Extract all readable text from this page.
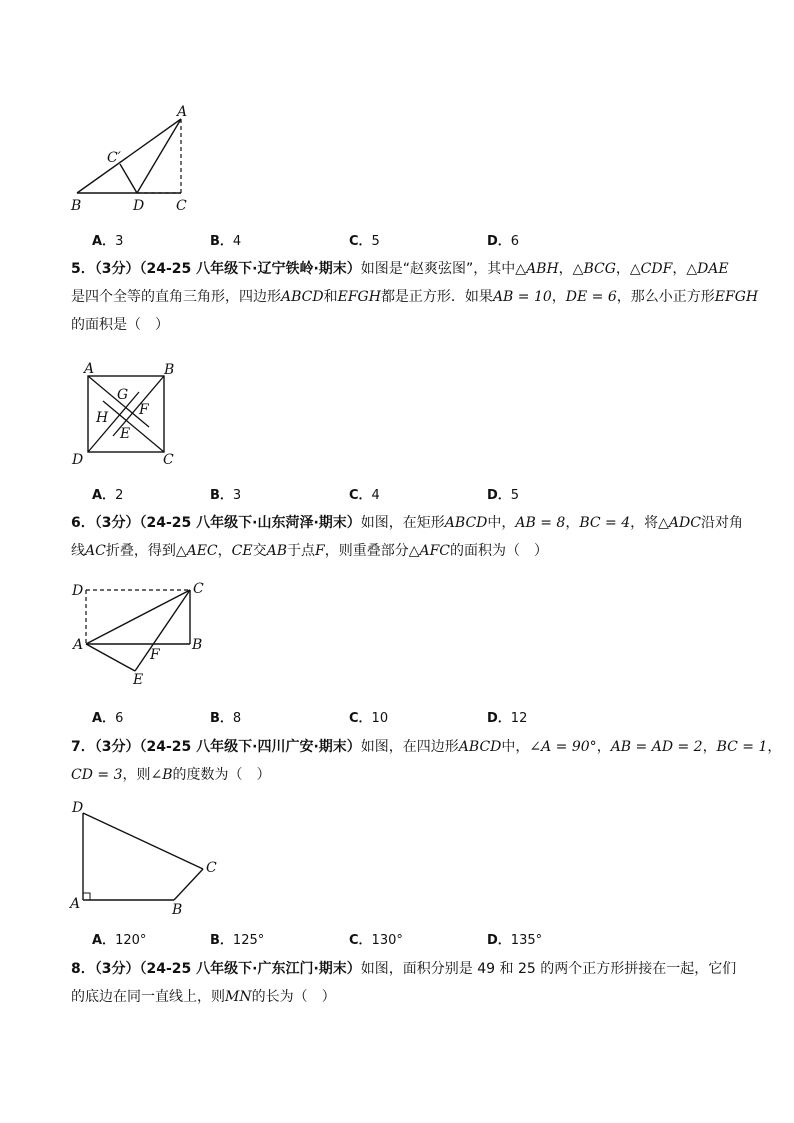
A
C′
B	D C
A．3	B．4	C．5	D．6
5．（3分）（24-25 八年级下·辽宁铁岭·期末）如图是“赵爽弦图”，其中△ABH，△BCG，△CDF，△DAE
是四个全等的直角三角形，四边形ABCD和EFGH都是正方形．如果AB = 10，DE = 6，那么小正方形EFGH
的面积是（　）
A	B
C
D
E
F
G
H
A．2	B．3	C．4	D．5
6．（3分）（24-25 八年级下·山东菏泽·期末）如图，在矩形ABCD中，AB = 8，BC = 4，将△ADC沿对角
线AC折叠，得到△AEC，CE交AB于点F，则重叠部分△AFC的面积为（　）
D	C
A	B
F
E
A．6	B．8	C．10	D．12
7．（3分）（24-25 八年级下·四川广安·期末）如图，在四边形ABCD中，∠A = 90°，AB = AD = 2，BC = 1，
CD = 3，则∠B的度数为（　）
D
C
A	B
A．120°	B．125°	C．130°	D．135°
8．（3分）（24-25 八年级下·广东江门·期末）如图，面积分别是 49 和 25 的两个正方形拼接在一起，它们
的底边在同一直线上，则MN的长为（　）
